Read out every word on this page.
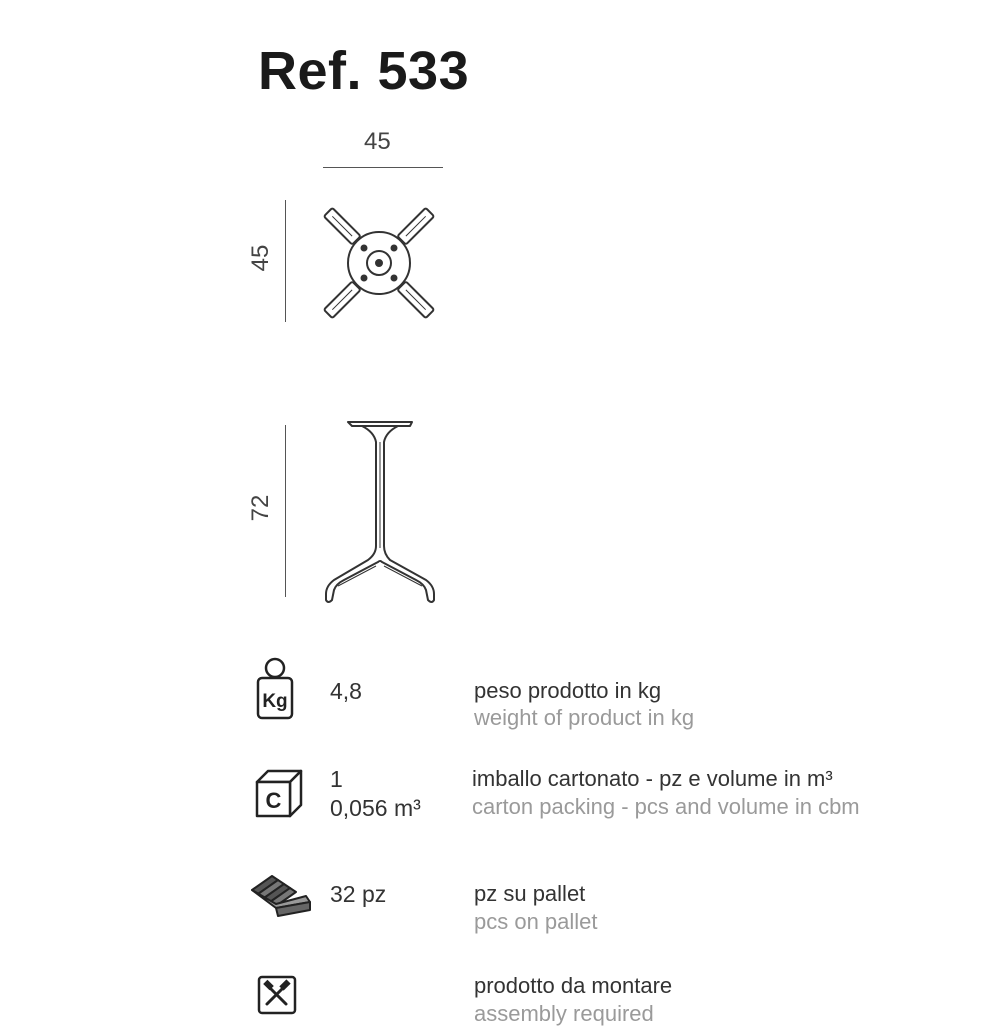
Ref. 533
45
45
72
Kg 4,8	peso prodotto in kg
weight of product in kg
C
1
0,056 m³
imballo cartonato - pz e volume in m³
carton packing - pcs and volume in cbm
32 pz	pz su pallet
pcs on pallet
prodotto da montare
assembly required
